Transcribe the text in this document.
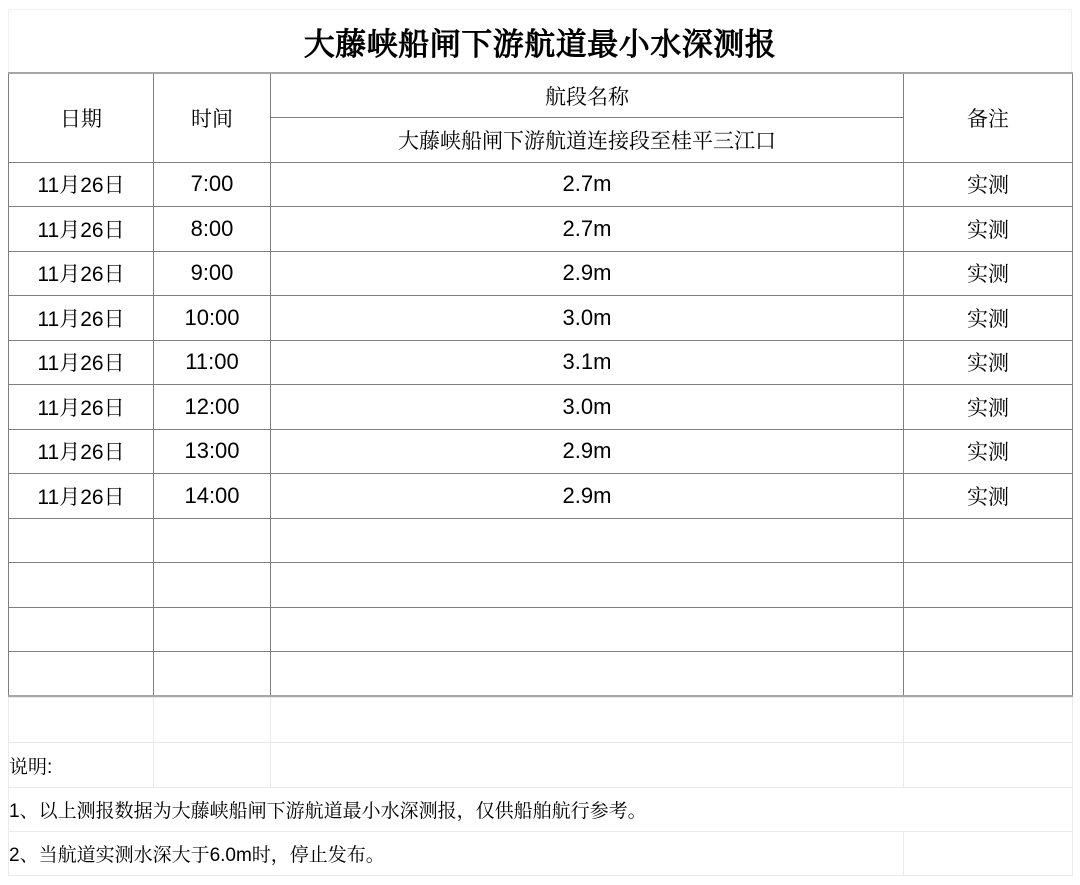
大藤峡船闸下游航道最小水深测报
日期	时间	航段名称	备注
		大藤峡船闸下游航道连接段至桂平三江口	
11月26日	7:00	2.7m	实测
11月26日	8:00	2.7m	实测
11月26日	9:00	2.9m	实测
11月26日	10:00	3.0m	实测
11月26日	11:00	3.1m	实测
11月26日	12:00	3.0m	实测
11月26日	13:00	2.9m	实测
11月26日	14:00	2.9m	实测

说明:			
1、以上测报数据为大藤峡船闸下游航道最小水深测报，仅供船舶航行参考。			
2、当航道实测水深大于6.0m时，停止发布。			
